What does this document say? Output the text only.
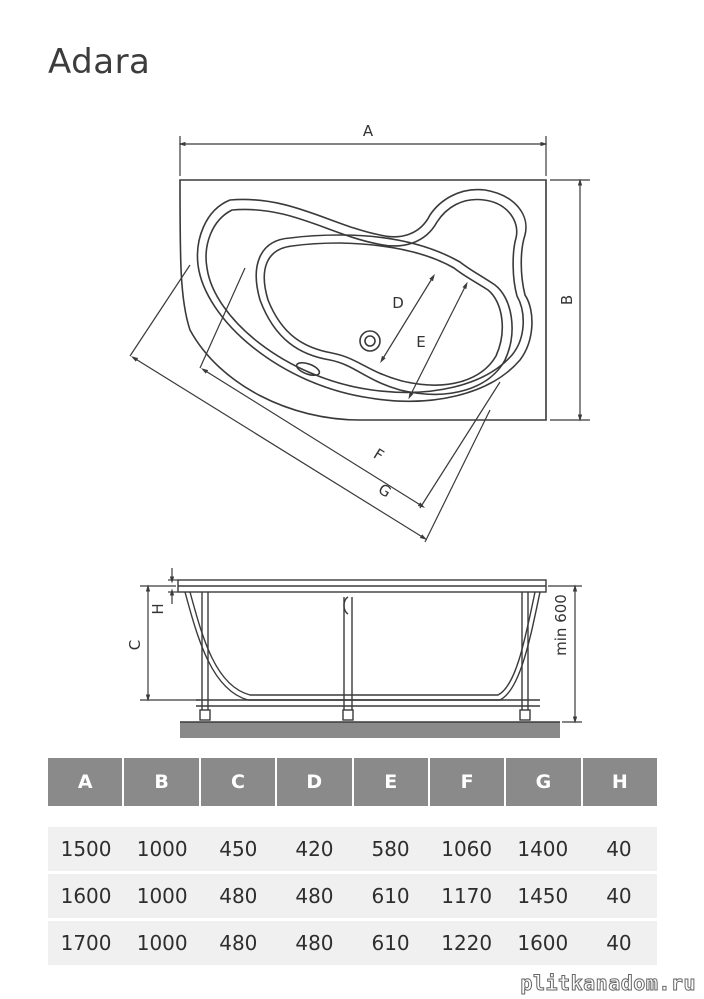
Adara
A
B
D
E
F
G
C
H	min 600
A	B	C	D	E	F	G	H
1500	1000	450	420	580	1060	1400	40
1600	1000	480	480	610	1170	1450	40
1700	1000	480	480	610	1220	1600	40
plitkanadom.ru
